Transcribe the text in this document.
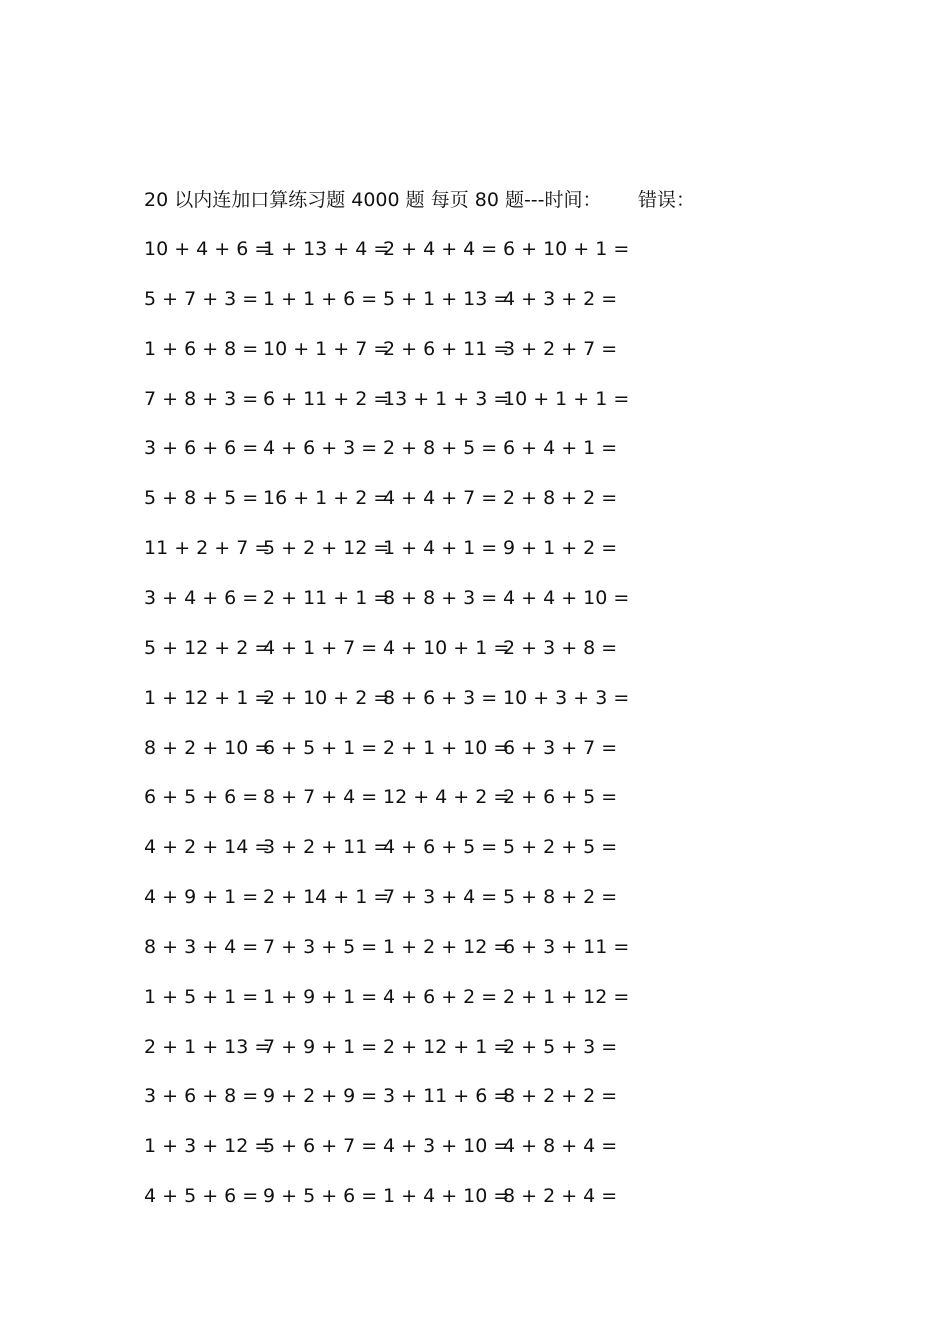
20 以内连加口算练习题 4000 题 每页 80 题---时间： 错误：
10 + 4 + 6 =
1 + 13 + 4 =
2 + 4 + 4 = 6 + 10 + 1 =
5 + 7 + 3 = 1 + 1 + 6 = 5 + 1 + 13 =
4 + 3 + 2 =
1 + 6 + 8 = 10 + 1 + 7 =
2 + 6 + 11 =
3 + 2 + 7 =
7 + 8 + 3 = 6 + 11 + 2 =
13 + 1 + 3 =
10 + 1 + 1 =
3 + 6 + 6 = 4 + 6 + 3 = 2 + 8 + 5 = 6 + 4 + 1 =
5 + 8 + 5 = 16 + 1 + 2 =
4 + 4 + 7 = 2 + 8 + 2 =
11 + 2 + 7 =
5 + 2 + 12 =
1 + 4 + 1 = 9 + 1 + 2 =
3 + 4 + 6 = 2 + 11 + 1 =
8 + 8 + 3 = 4 + 4 + 10 =
5 + 12 + 2 =
4 + 1 + 7 = 4 + 10 + 1 =
2 + 3 + 8 =
1 + 12 + 1 =
2 + 10 + 2 =
8 + 6 + 3 = 10 + 3 + 3 =
8 + 2 + 10 =
6 + 5 + 1 = 2 + 1 + 10 =
6 + 3 + 7 =
6 + 5 + 6 = 8 + 7 + 4 = 12 + 4 + 2 =
2 + 6 + 5 =
4 + 2 + 14 =
3 + 2 + 11 =
4 + 6 + 5 = 5 + 2 + 5 =
4 + 9 + 1 = 2 + 14 + 1 =
7 + 3 + 4 = 5 + 8 + 2 =
8 + 3 + 4 = 7 + 3 + 5 = 1 + 2 + 12 =
6 + 3 + 11 =
1 + 5 + 1 = 1 + 9 + 1 = 4 + 6 + 2 = 2 + 1 + 12 =
2 + 1 + 13 =
7 + 9 + 1 = 2 + 12 + 1 =
2 + 5 + 3 =
3 + 6 + 8 = 9 + 2 + 9 = 3 + 11 + 6 =
8 + 2 + 2 =
1 + 3 + 12 =
5 + 6 + 7 = 4 + 3 + 10 =
4 + 8 + 4 =
4 + 5 + 6 = 9 + 5 + 6 = 1 + 4 + 10 =
8 + 2 + 4 =
